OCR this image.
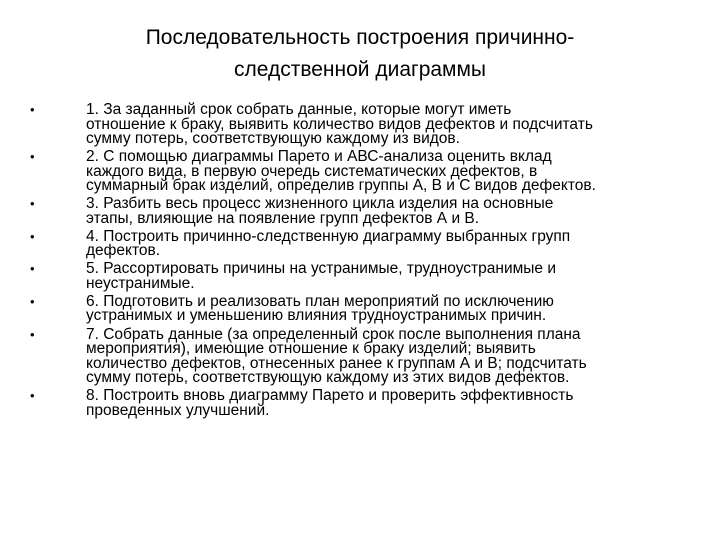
Последовательность построения причинно-
следственной диаграммы
• 1. За заданный срок собрать данные, которые могут иметь
отношение к браку, выявить количество видов дефектов и подсчитать
сумму потерь, соответствующую каждому из видов.
• 2. С помощью диаграммы Парето и АВС-анализа оценить вклад
каждого вида, в первую очередь систематических дефектов, в
суммарный брак изделий, определив группы А, В и С видов дефектов.
• 3. Разбить весь процесс жизненного цикла изделия на основные
этапы, влияющие на появление групп дефектов А и В.
• 4. Построить причинно-следственную диаграмму выбранных групп
дефектов.
• 5. Рассортировать причины на устранимые, трудноустранимые и
неустранимые.
• 6. Подготовить и реализовать план мероприятий по исключению
устранимых и уменьшению влияния трудноустранимых причин.
• 7. Собрать данные (за определенный срок после выполнения плана
мероприятия), имеющие отношение к браку изделий; выявить
количество дефектов, отнесенных ранее к группам А и В; подсчитать
сумму потерь, соответствующую каждому из этих видов дефектов.
• 8. Построить вновь диаграмму Парето и проверить эффективность
проведенных улучшений.
